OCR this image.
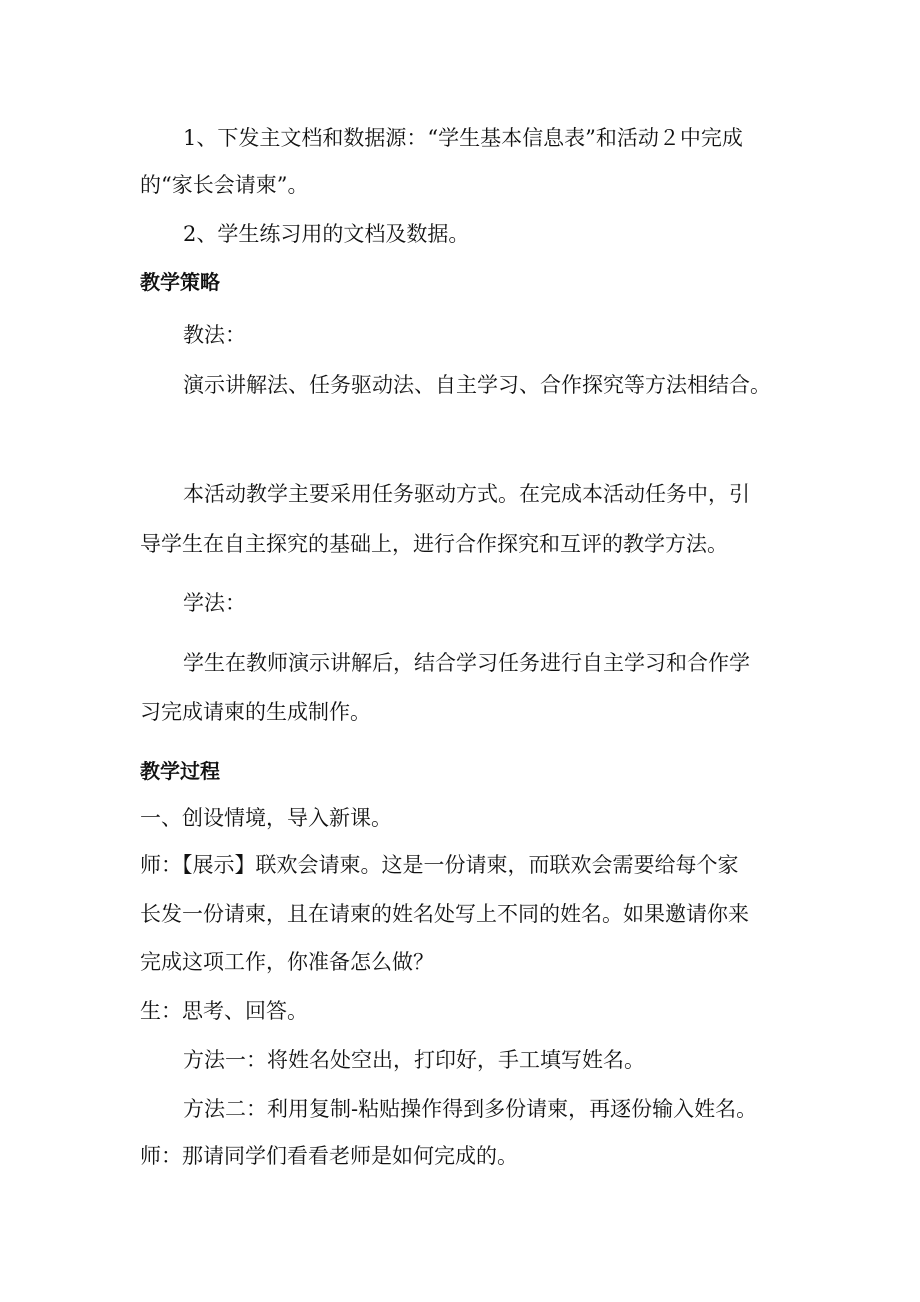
1、下发主文档和数据源：“学生基本信息表”和活动２中完成
的“家长会请柬”。
2、学生练习用的文档及数据。
教学策略
教法：
演示讲解法、任务驱动法、自主学习、合作探究等方法相结合。
本活动教学主要采用任务驱动方式。在完成本活动任务中，引
导学生在自主探究的基础上，进行合作探究和互评的教学方法。
学法：
学生在教师演示讲解后，结合学习任务进行自主学习和合作学
习完成请柬的生成制作。
教学过程
一、创设情境，导入新课。
师：【展示】联欢会请柬。这是一份请柬，而联欢会需要给每个家
长发一份请柬，且在请柬的姓名处写上不同的姓名。如果邀请你来
完成这项工作，你准备怎么做？
生：思考、回答。
方法一：将姓名处空出，打印好，手工填写姓名。
方法二：利用复制-粘贴操作得到多份请柬，再逐份输入姓名。
师：那请同学们看看老师是如何完成的。
